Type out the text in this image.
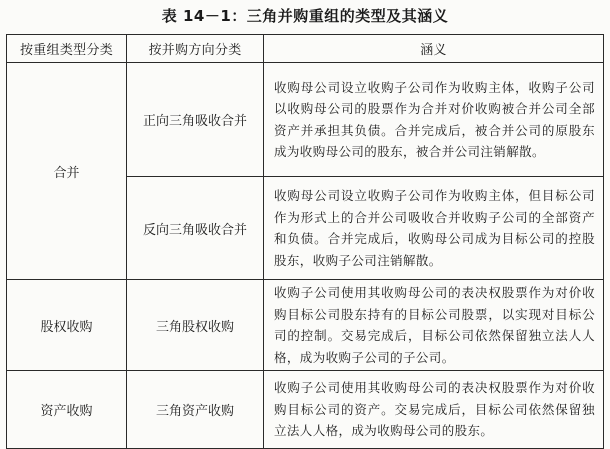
表 14－1：三角并购重组的类型及其涵义
按重组类型分类	按并购方向分类	涵义
合并	正向三角吸收合并	收购母公司设立收购子公司作为收购主体，收购子公司以收购母公司的股票作为合并对价收购被合并公司全部资产并承担其负债。合并完成后，被合并公司的原股东成为收购母公司的股东，被合并公司注销解散。
	反向三角吸收合并	收购母公司设立收购子公司作为收购主体，但目标公司作为形式上的合并公司吸收合并收购子公司的全部资产和负债。合并完成后，收购母公司成为目标公司的控股股东，收购子公司注销解散。
股权收购	三角股权收购	收购子公司使用其收购母公司的表决权股票作为对价收购目标公司股东持有的目标公司股票，以实现对目标公司的控制。交易完成后，目标公司依然保留独立法人人格，成为收购子公司的子公司。
资产收购	三角资产收购	收购子公司使用其收购母公司的表决权股票作为对价收购目标公司的资产。交易完成后，目标公司依然保留独立法人人格，成为收购母公司的股东。
